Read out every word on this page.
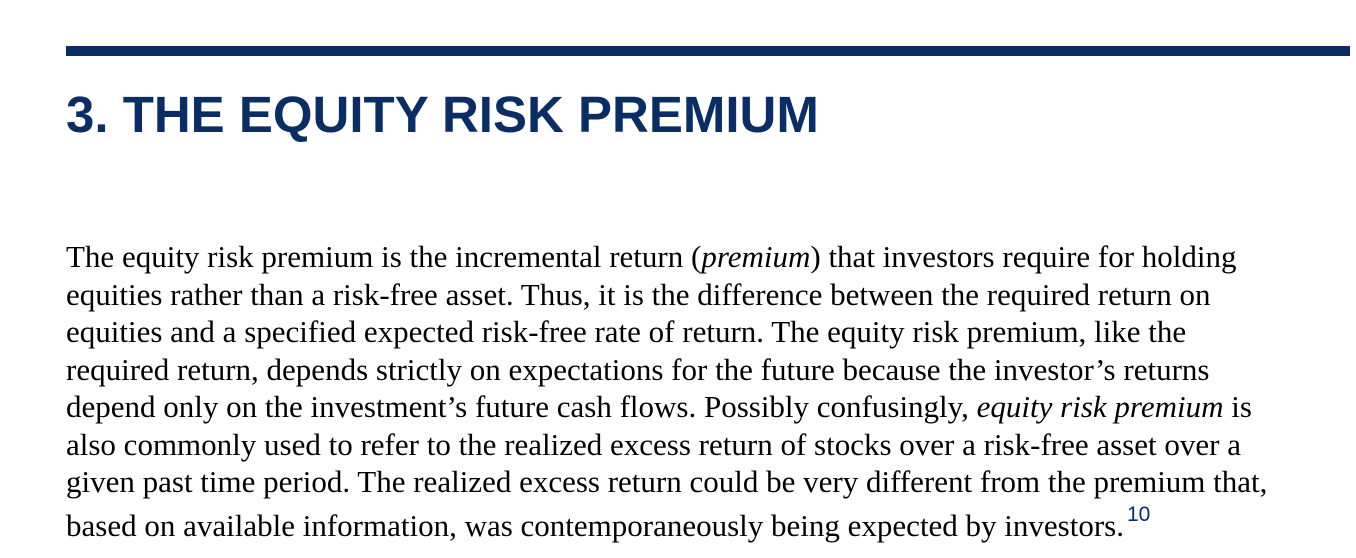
3. THE EQUITY RISK PREMIUM
The equity risk premium is the incremental return (premium) that investors require for holding
equities rather than a risk-free asset. Thus, it is the difference between the required return on
equities and a specified expected risk-free rate of return. The equity risk premium, like the
required return, depends strictly on expectations for the future because the investor’s returns
depend only on the investment’s future cash flows. Possibly confusingly, equity risk premium is
also commonly used to refer to the realized excess return of stocks over a risk-free asset over a
given past time period. The realized excess return could be very different from the premium that,
based on available information, was contemporaneously being expected by investors. $^{10}$
